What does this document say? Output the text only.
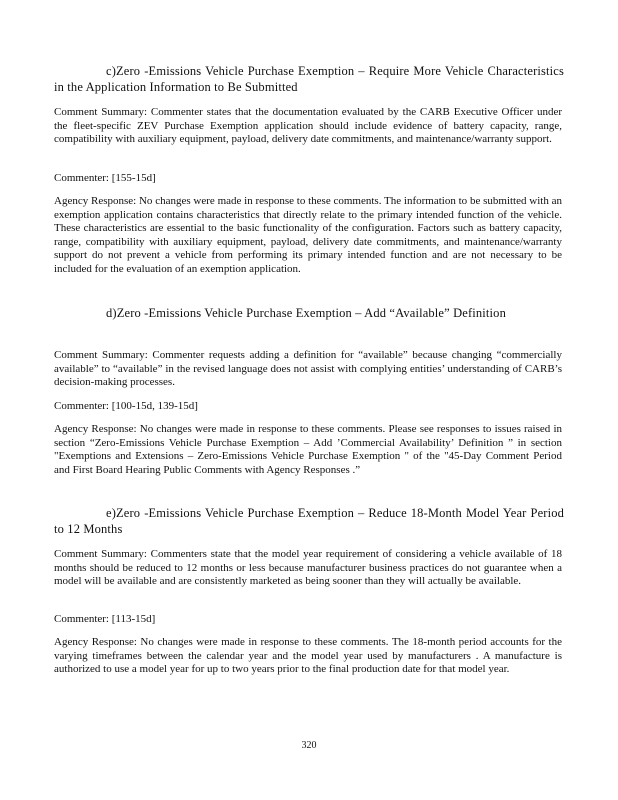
c)Zero -Emissions Vehicle Purchase Exemption – Require More Vehicle Characteristics in the Application Information to Be Submitted

Comment Summary: Commenter states that the documentation evaluated by the CARB Executive Officer under the fleet-specific ZEV Purchase Exemption application should include evidence of battery capacity, range, compatibility with auxiliary equipment, payload, delivery date commitments, and maintenance/warranty support.

Commenter: [155-15d]

Agency Response: No changes were made in response to these comments. The information to be submitted with an exemption application contains characteristics that directly relate to the primary intended function of the vehicle. These characteristics are essential to the basic functionality of the configuration. Factors such as battery capacity, range, compatibility with auxiliary equipment, payload, delivery date commitments, and maintenance/warranty support do not prevent a vehicle from performing its primary intended function and are not necessary to be included for the evaluation of an exemption application.

d)Zero -Emissions Vehicle Purchase Exemption – Add “Available” Definition

Comment Summary: Commenter requests adding a definition for “available” because changing “commercially available” to “available” in the revised language does not assist with complying entities’ understanding of CARB’s decision-making processes.

Commenter: [100-15d, 139-15d]

Agency Response: No changes were made in response to these comments. Please see responses to issues raised in section “Zero-Emissions Vehicle Purchase Exemption – Add ’Commercial Availability’ Definition ” in section "Exemptions and Extensions – Zero-Emissions Vehicle Purchase Exemption " of the "45-Day Comment Period and First Board Hearing Public Comments with Agency Responses .”

e)Zero -Emissions Vehicle Purchase Exemption – Reduce 18-Month Model Year Period to 12 Months

Comment Summary: Commenters state that the model year requirement of considering a vehicle available of 18 months should be reduced to 12 months or less because manufacturer business practices do not guarantee when a model will be available and are consistently marketed as being sooner than they will actually be available.

Commenter: [113-15d]

Agency Response: No changes were made in response to these comments. The 18-month period accounts for the varying timeframes between the calendar year and the model year used by manufacturers . A manufacture is authorized to use a model year for up to two years prior to the final production date for that model year.

320
